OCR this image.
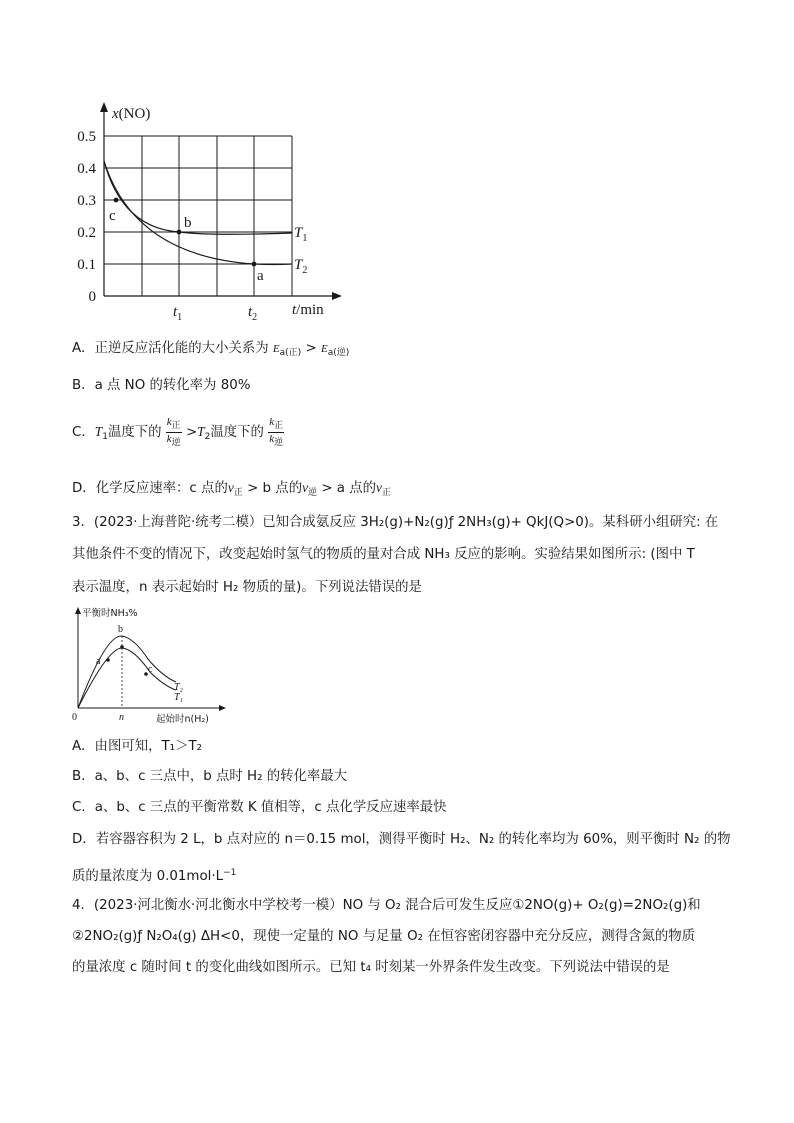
c	b
a
0.5
0.4
0.3
0.2
0.1
0
x(NO)
t/min
$t_1$	$t_2$
$T_1$
$T_2$
A．正逆反应活化能的大小关系为 $E_{a(正)} > E_{a(逆)}$
B．a 点 NO 的转化率为 80%
C．$T_1$温度下的 $\frac{k_正}{k_逆} >T_2$温度下的 $\frac{k_正}{k_逆}$
D．化学反应速率：c 点的$v_正 > b$ 点的$v_逆 > a$ 点的$v_正$
3．(2023·上海普陀·统考二模）已知合成氨反应 3H₂(g)+N₂(g)ƒ 2NH₃(g)+ QkJ(Q>0)。某科研小组研究: 在
其他条件不变的情况下，改变起始时氢气的物质的量对合成 NH₃ 反应的影响。实验结果如图所示: (图中 T
表示温度，n 表示起始时 H₂ 物质的量)。下列说法错误的是
a
b
c
T₂
T₁
0	n
平衡时NH₃%
起始时n(H₂)
A．由图可知，T₁＞T₂
B．a、b、c 三点中，b 点时 H₂ 的转化率最大
C．a、b、c 三点的平衡常数 K 值相等，c 点化学反应速率最快
D．若容器容积为 2 L，b 点对应的 n＝0.15 mol，测得平衡时 H₂、N₂ 的转化率均为 60%，则平衡时 N₂ 的物
质的量浓度为 $0.01mol\cdot L^{-1}$
4．(2023·河北衡水·河北衡水中学校考一模）NO 与 O₂ 混合后可发生反应①2NO(g)+ O₂(g)=2NO₂(g)和
②2NO₂(g)ƒ N₂O₄(g) ΔH<0，现使一定量的 NO 与足量 O₂ 在恒容密闭容器中充分反应，测得含氮的物质
的量浓度 c 随时间 t 的变化曲线如图所示。已知 t₄ 时刻某一外界条件发生改变。下列说法中错误的是
